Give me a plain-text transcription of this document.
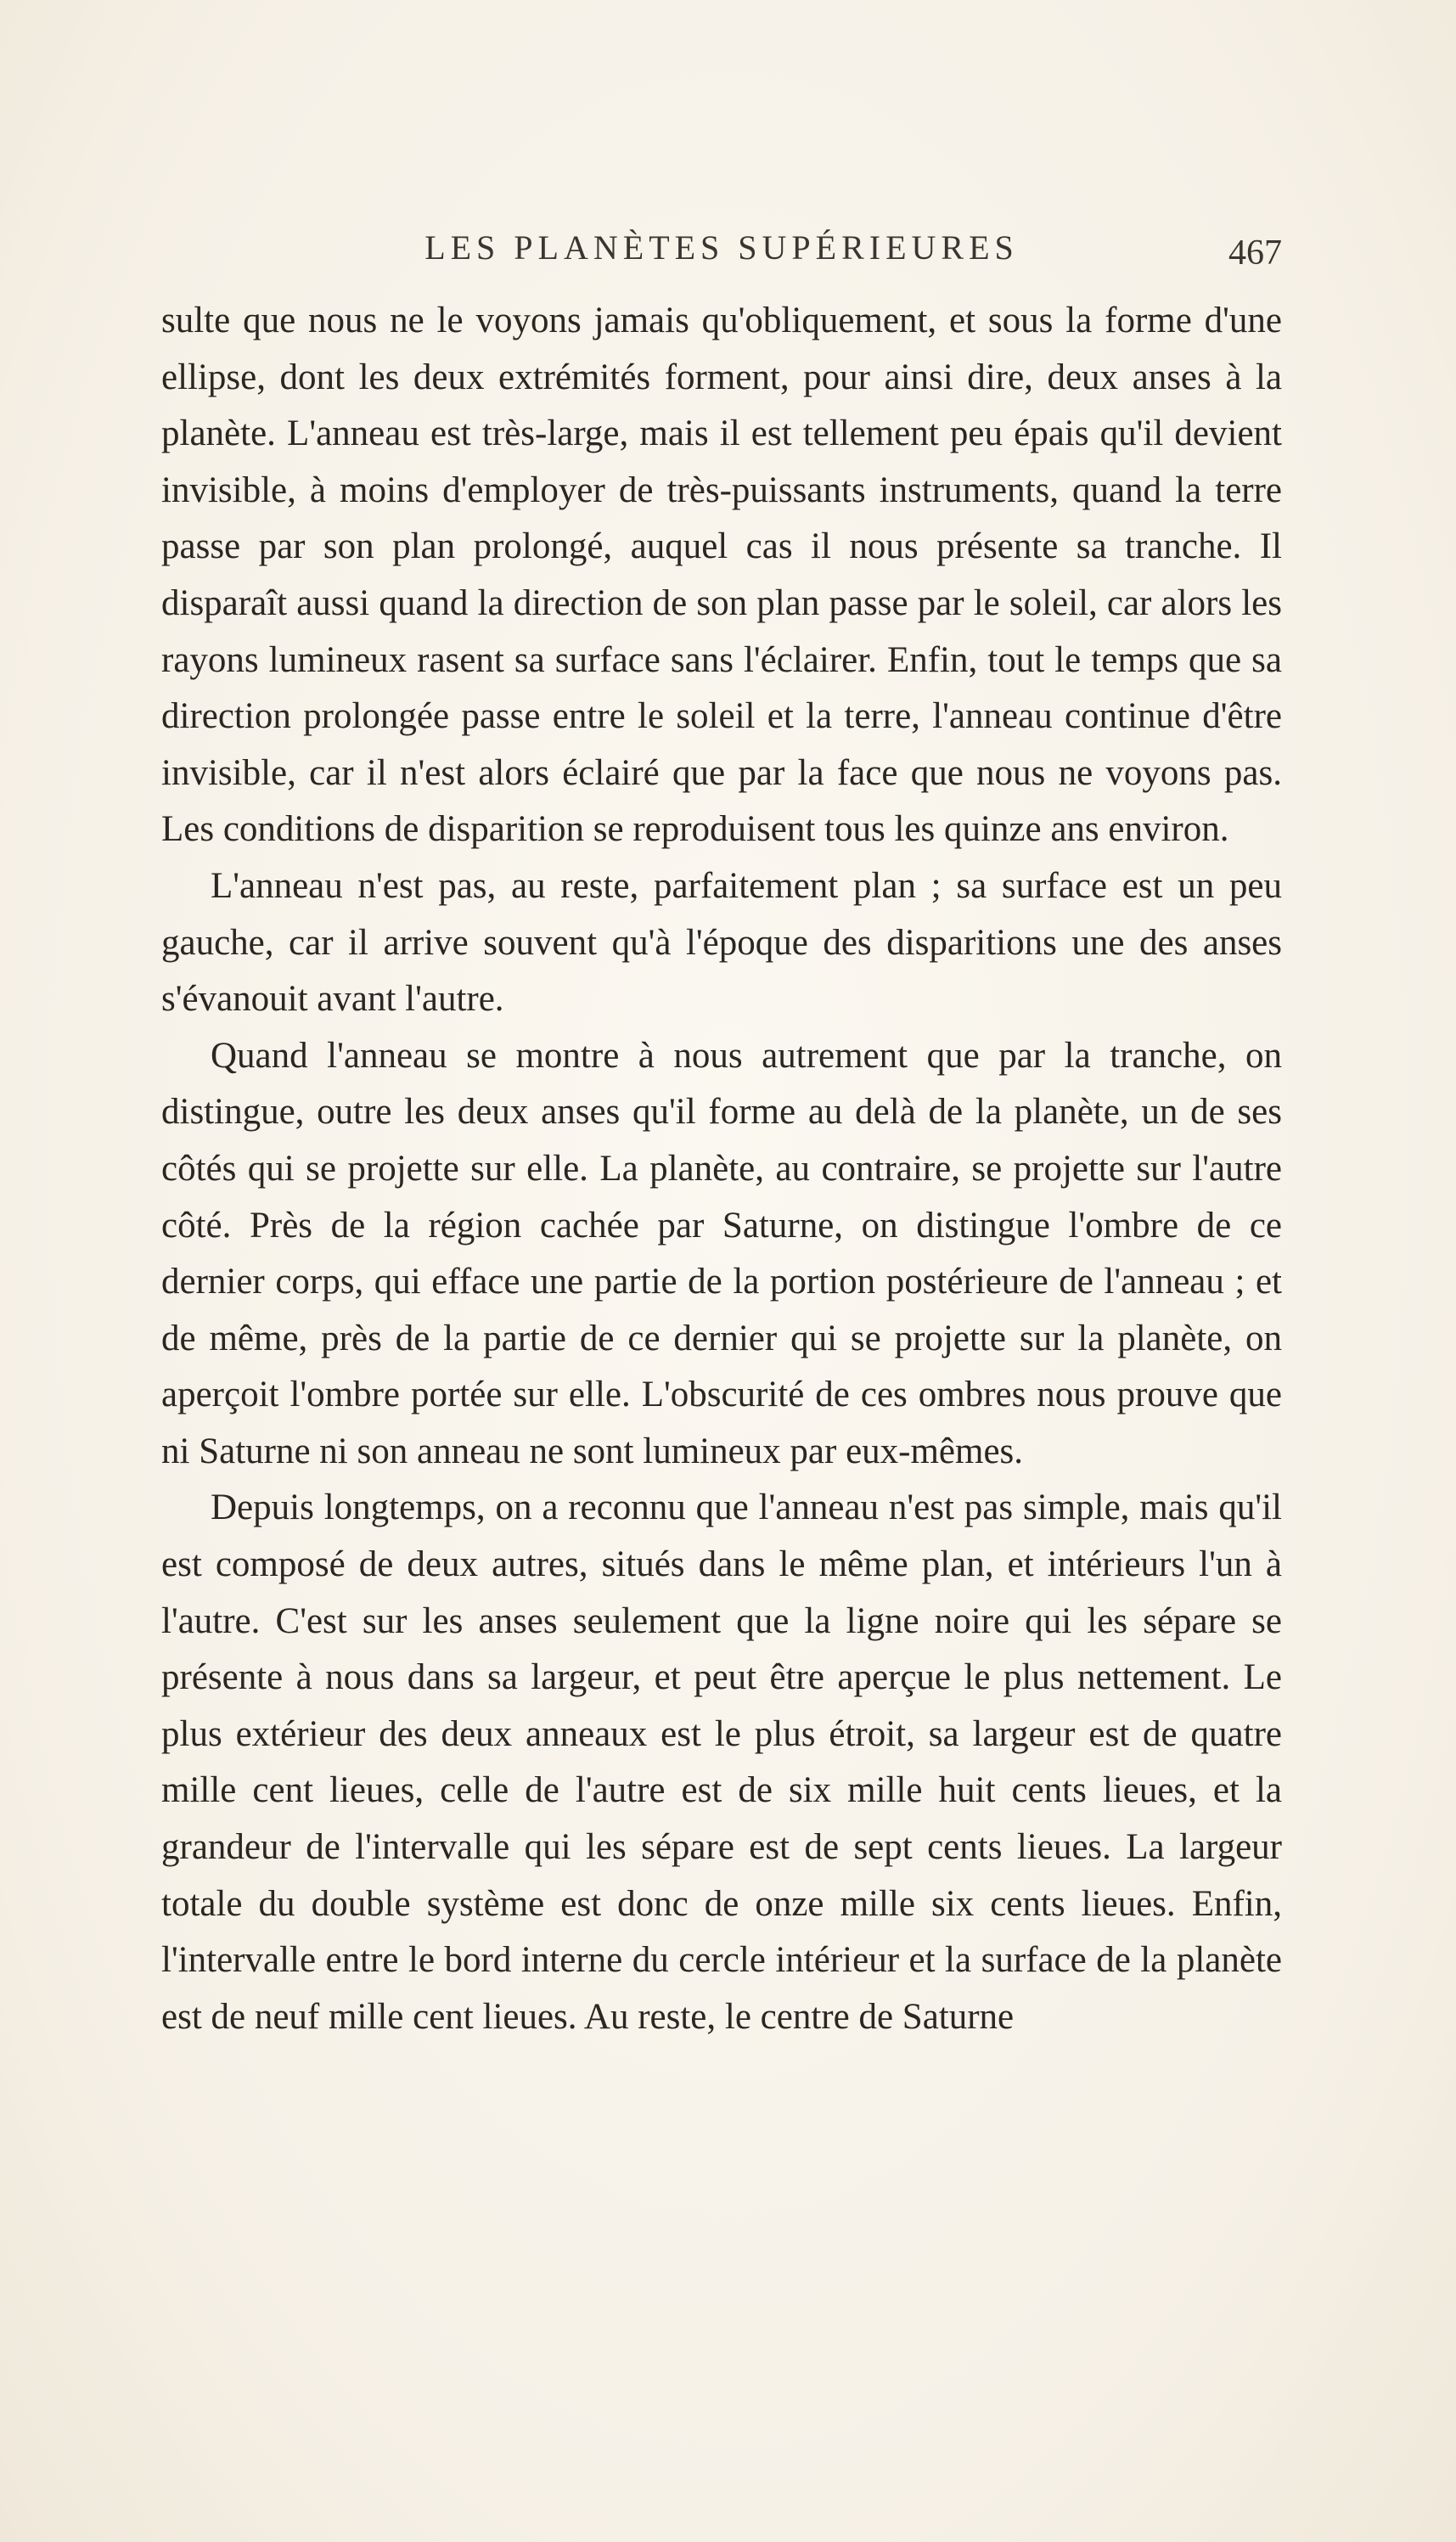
LES PLANÈTES SUPÉRIEURES	467

sulte que nous ne le voyons jamais qu'obliquement, et sous la forme d'une ellipse, dont les deux extrémités forment, pour ainsi dire, deux anses à la planète. L'anneau est très-large, mais il est tellement peu épais qu'il devient invisible, à moins d'employer de très-puissants instruments, quand la terre passe par son plan prolongé, auquel cas il nous présente sa tranche. Il disparaît aussi quand la direction de son plan passe par le soleil, car alors les rayons lumineux rasent sa surface sans l'éclairer. Enfin, tout le temps que sa direction prolongée passe entre le soleil et la terre, l'anneau continue d'être invisible, car il n'est alors éclairé que par la face que nous ne voyons pas. Les conditions de disparition se reproduisent tous les quinze ans environ.

L'anneau n'est pas, au reste, parfaitement plan ; sa surface est un peu gauche, car il arrive souvent qu'à l'époque des disparitions une des anses s'évanouit avant l'autre.

Quand l'anneau se montre à nous autrement que par la tranche, on distingue, outre les deux anses qu'il forme au delà de la planète, un de ses côtés qui se projette sur elle. La planète, au contraire, se projette sur l'autre côté. Près de la région cachée par Saturne, on distingue l'ombre de ce dernier corps, qui efface une partie de la portion postérieure de l'anneau ; et de même, près de la partie de ce dernier qui se projette sur la planète, on aperçoit l'ombre portée sur elle. L'obscurité de ces ombres nous prouve que ni Saturne ni son anneau ne sont lumineux par eux-mêmes.

Depuis longtemps, on a reconnu que l'anneau n'est pas simple, mais qu'il est composé de deux autres, situés dans le même plan, et intérieurs l'un à l'autre. C'est sur les anses seulement que la ligne noire qui les sépare se présente à nous dans sa largeur, et peut être aperçue le plus nettement. Le plus extérieur des deux anneaux est le plus étroit, sa largeur est de quatre mille cent lieues, celle de l'autre est de six mille huit cents lieues, et la grandeur de l'intervalle qui les sépare est de sept cents lieues. La largeur totale du double système est donc de onze mille six cents lieues. Enfin, l'intervalle entre le bord interne du cercle intérieur et la surface de la planète est de neuf mille cent lieues. Au reste, le centre de Saturne
